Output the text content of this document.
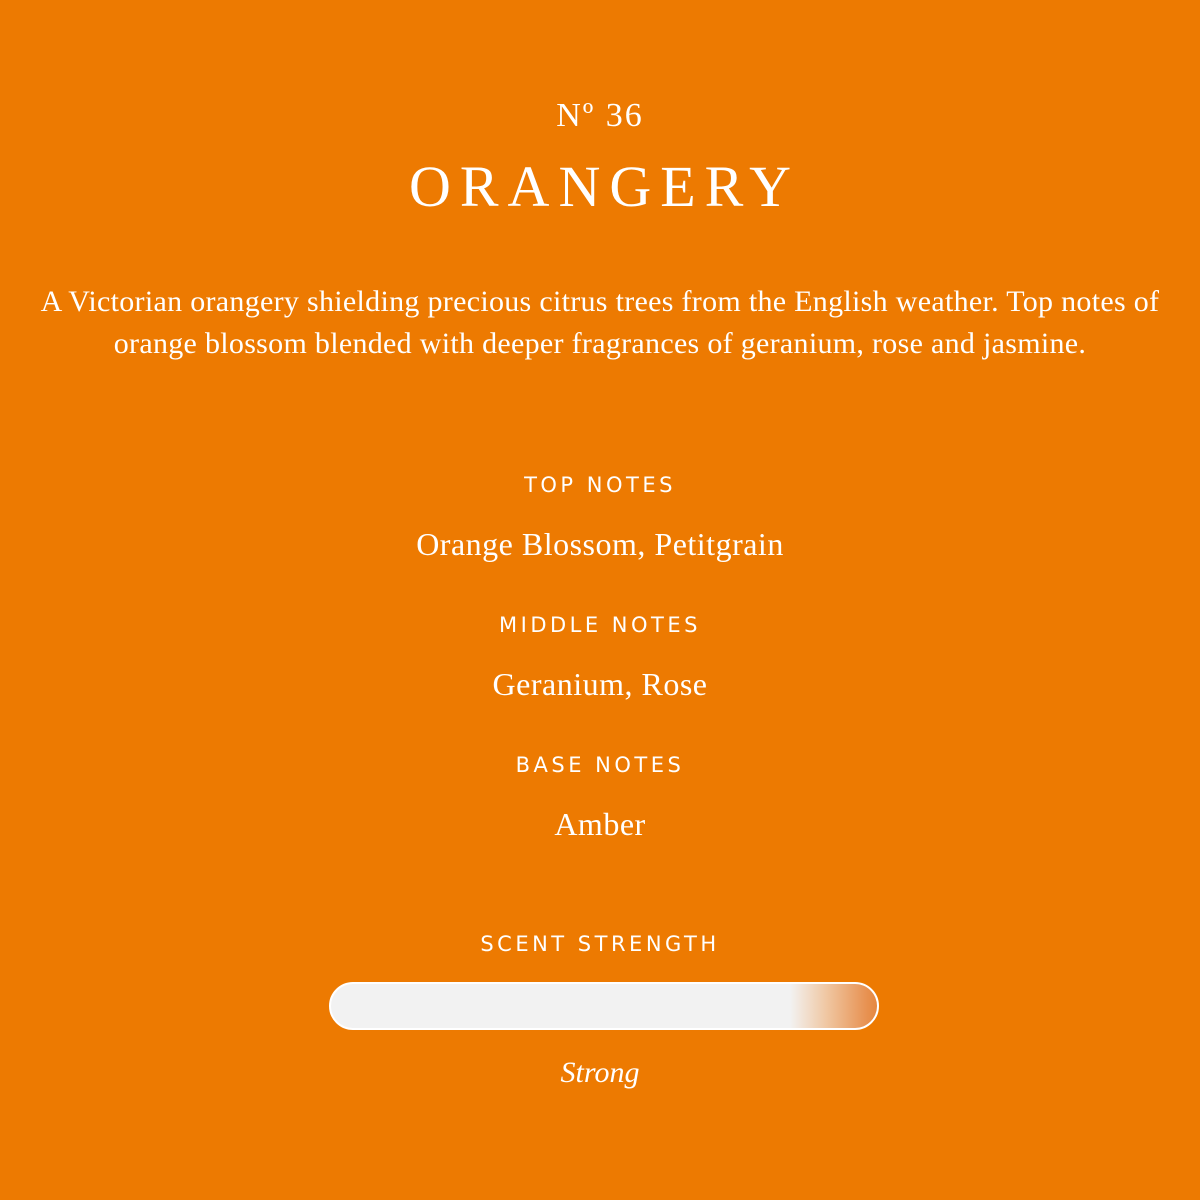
Nº 36
ORANGERY
A Victorian orangery shielding precious citrus trees from the English weather. Top notes of orange blossom blended with deeper fragrances of geranium, rose and jasmine.
TOP NOTES
Orange Blossom, Petitgrain
MIDDLE NOTES
Geranium, Rose
BASE NOTES
Amber
SCENT STRENGTH
Strong
